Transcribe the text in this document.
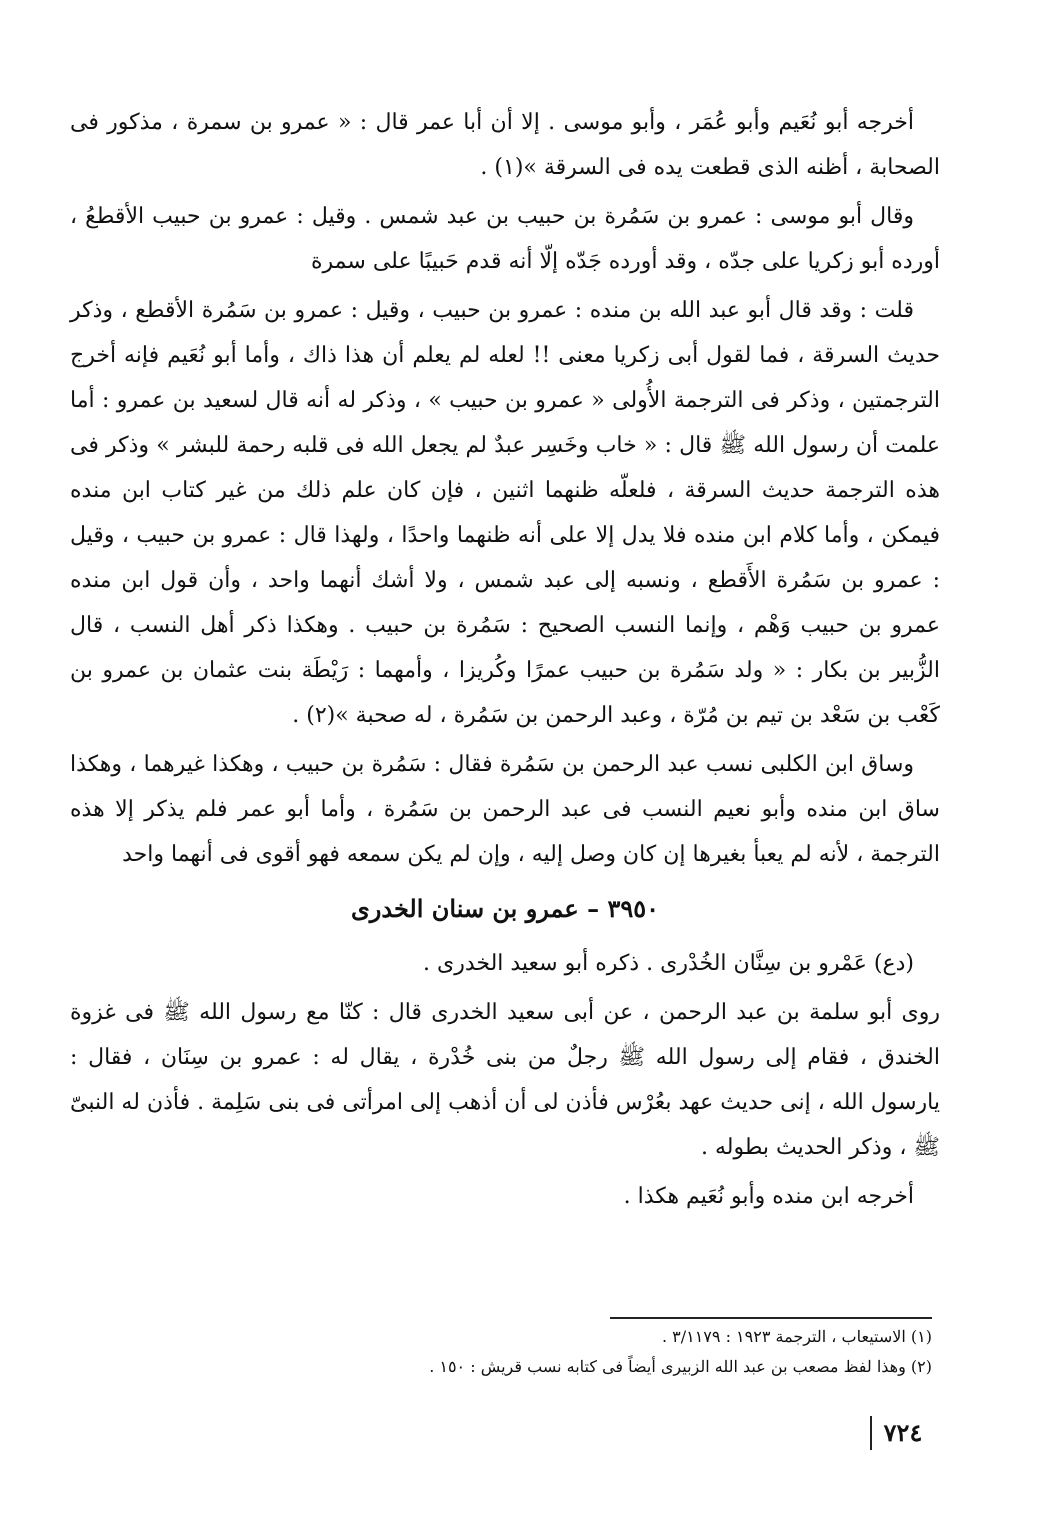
أخرجه أبو نُعَيم وأبو عُمَر ، وأبو موسى . إلا أن أبا عمر قال : « عمرو بن سمرة ، مذكور فى الصحابة ، أظنه الذى قطعت يده فى السرقة »(١) .

وقال أبو موسى : عمرو بن سَمُرة بن حبيب بن عبد شمس . وقيل : عمرو بن حبيب الأقطعُ ، أورده أبو زكريا على جدّه ، وقد أورده جَدّه إلّا أنه قدم حَبيبًا على سمرة

قلت : وقد قال أبو عبد الله بن منده : عمرو بن حبيب ، وقيل : عمرو بن سَمُرة الأقطع ، وذكر حديث السرقة ، فما لقول أبى زكريا معنى !! لعله لم يعلم أن هذا ذاك ، وأما أبو نُعَيم فإنه أخرج الترجمتين ، وذكر فى الترجمة الأُولى « عمرو بن حبيب » ، وذكر له أنه قال لسعيد بن عمرو : أما علمت أن رسول الله ﷺ قال : « خاب وخَسِر عبدٌ لم يجعل الله فى قلبه رحمة للبشر » وذكر فى هذه الترجمة حديث السرقة ، فلعلّه ظنهما اثنين ، فإن كان علم ذلك من غير كتاب ابن منده فيمكن ، وأما كلام ابن منده فلا يدل إلا على أنه ظنهما واحدًا ، ولهذا قال : عمرو بن حبيب ، وقيل : عمرو بن سَمُرة الأَقطع ، ونسبه إلى عبد شمس ، ولا أشك أنهما واحد ، وأن قول ابن منده عمرو بن حبيب وَهْم ، وإنما النسب الصحيح : سَمُرة بن حبيب . وهكذا ذكر أهل النسب ، قال الزُّبير بن بكار : « ولد سَمُرة بن حبيب عمرًا وكُريزا ، وأمهما : رَيْطَة بنت عثمان بن عمرو بن كَعْب بن سَعْد بن تيم بن مُرّة ، وعبد الرحمن بن سَمُرة ، له صحبة »(٢) .

وساق ابن الكلبى نسب عبد الرحمن بن سَمُرة فقال : سَمُرة بن حبيب ، وهكذا غيرهما ، وهكذا ساق ابن منده وأبو نعيم النسب فى عبد الرحمن بن سَمُرة ، وأما أبو عمر فلم يذكر إلا هذه الترجمة ، لأنه لم يعبأ بغيرها إن كان وصل إليه ، وإن لم يكن سمعه فهو أقوى فى أنهما واحد

٣٩٥٠ – عمرو بن سنان الخدرى

(دع) عَمْرو بن سِنَّان الخُدْرى . ذكره أبو سعيد الخدرى .

روى أبو سلمة بن عبد الرحمن ، عن أبى سعيد الخدرى قال : كنّا مع رسول الله ﷺ فى غزوة الخندق ، فقام إلى رسول الله ﷺ رجلٌ من بنى خُدْرة ، يقال له : عمرو بن سِنَان ، فقال : يارسول الله ، إنى حديث عهد بعُرْس فأذن لى أن أذهب إلى امرأتى فى بنى سَلِمة . فأذن له النبىّ ﷺ ، وذكر الحديث بطوله .

أخرجه ابن منده وأبو نُعَيم هكذا .

(١) الاستيعاب ، الترجمة ١٩٢٣ : ٣/١١٧٩ .

(٢) وهذا لفظ مصعب بن عبد الله الزبيرى أيضاً فى كتابه نسب قريش : ١٥٠ .

٧٢٤
